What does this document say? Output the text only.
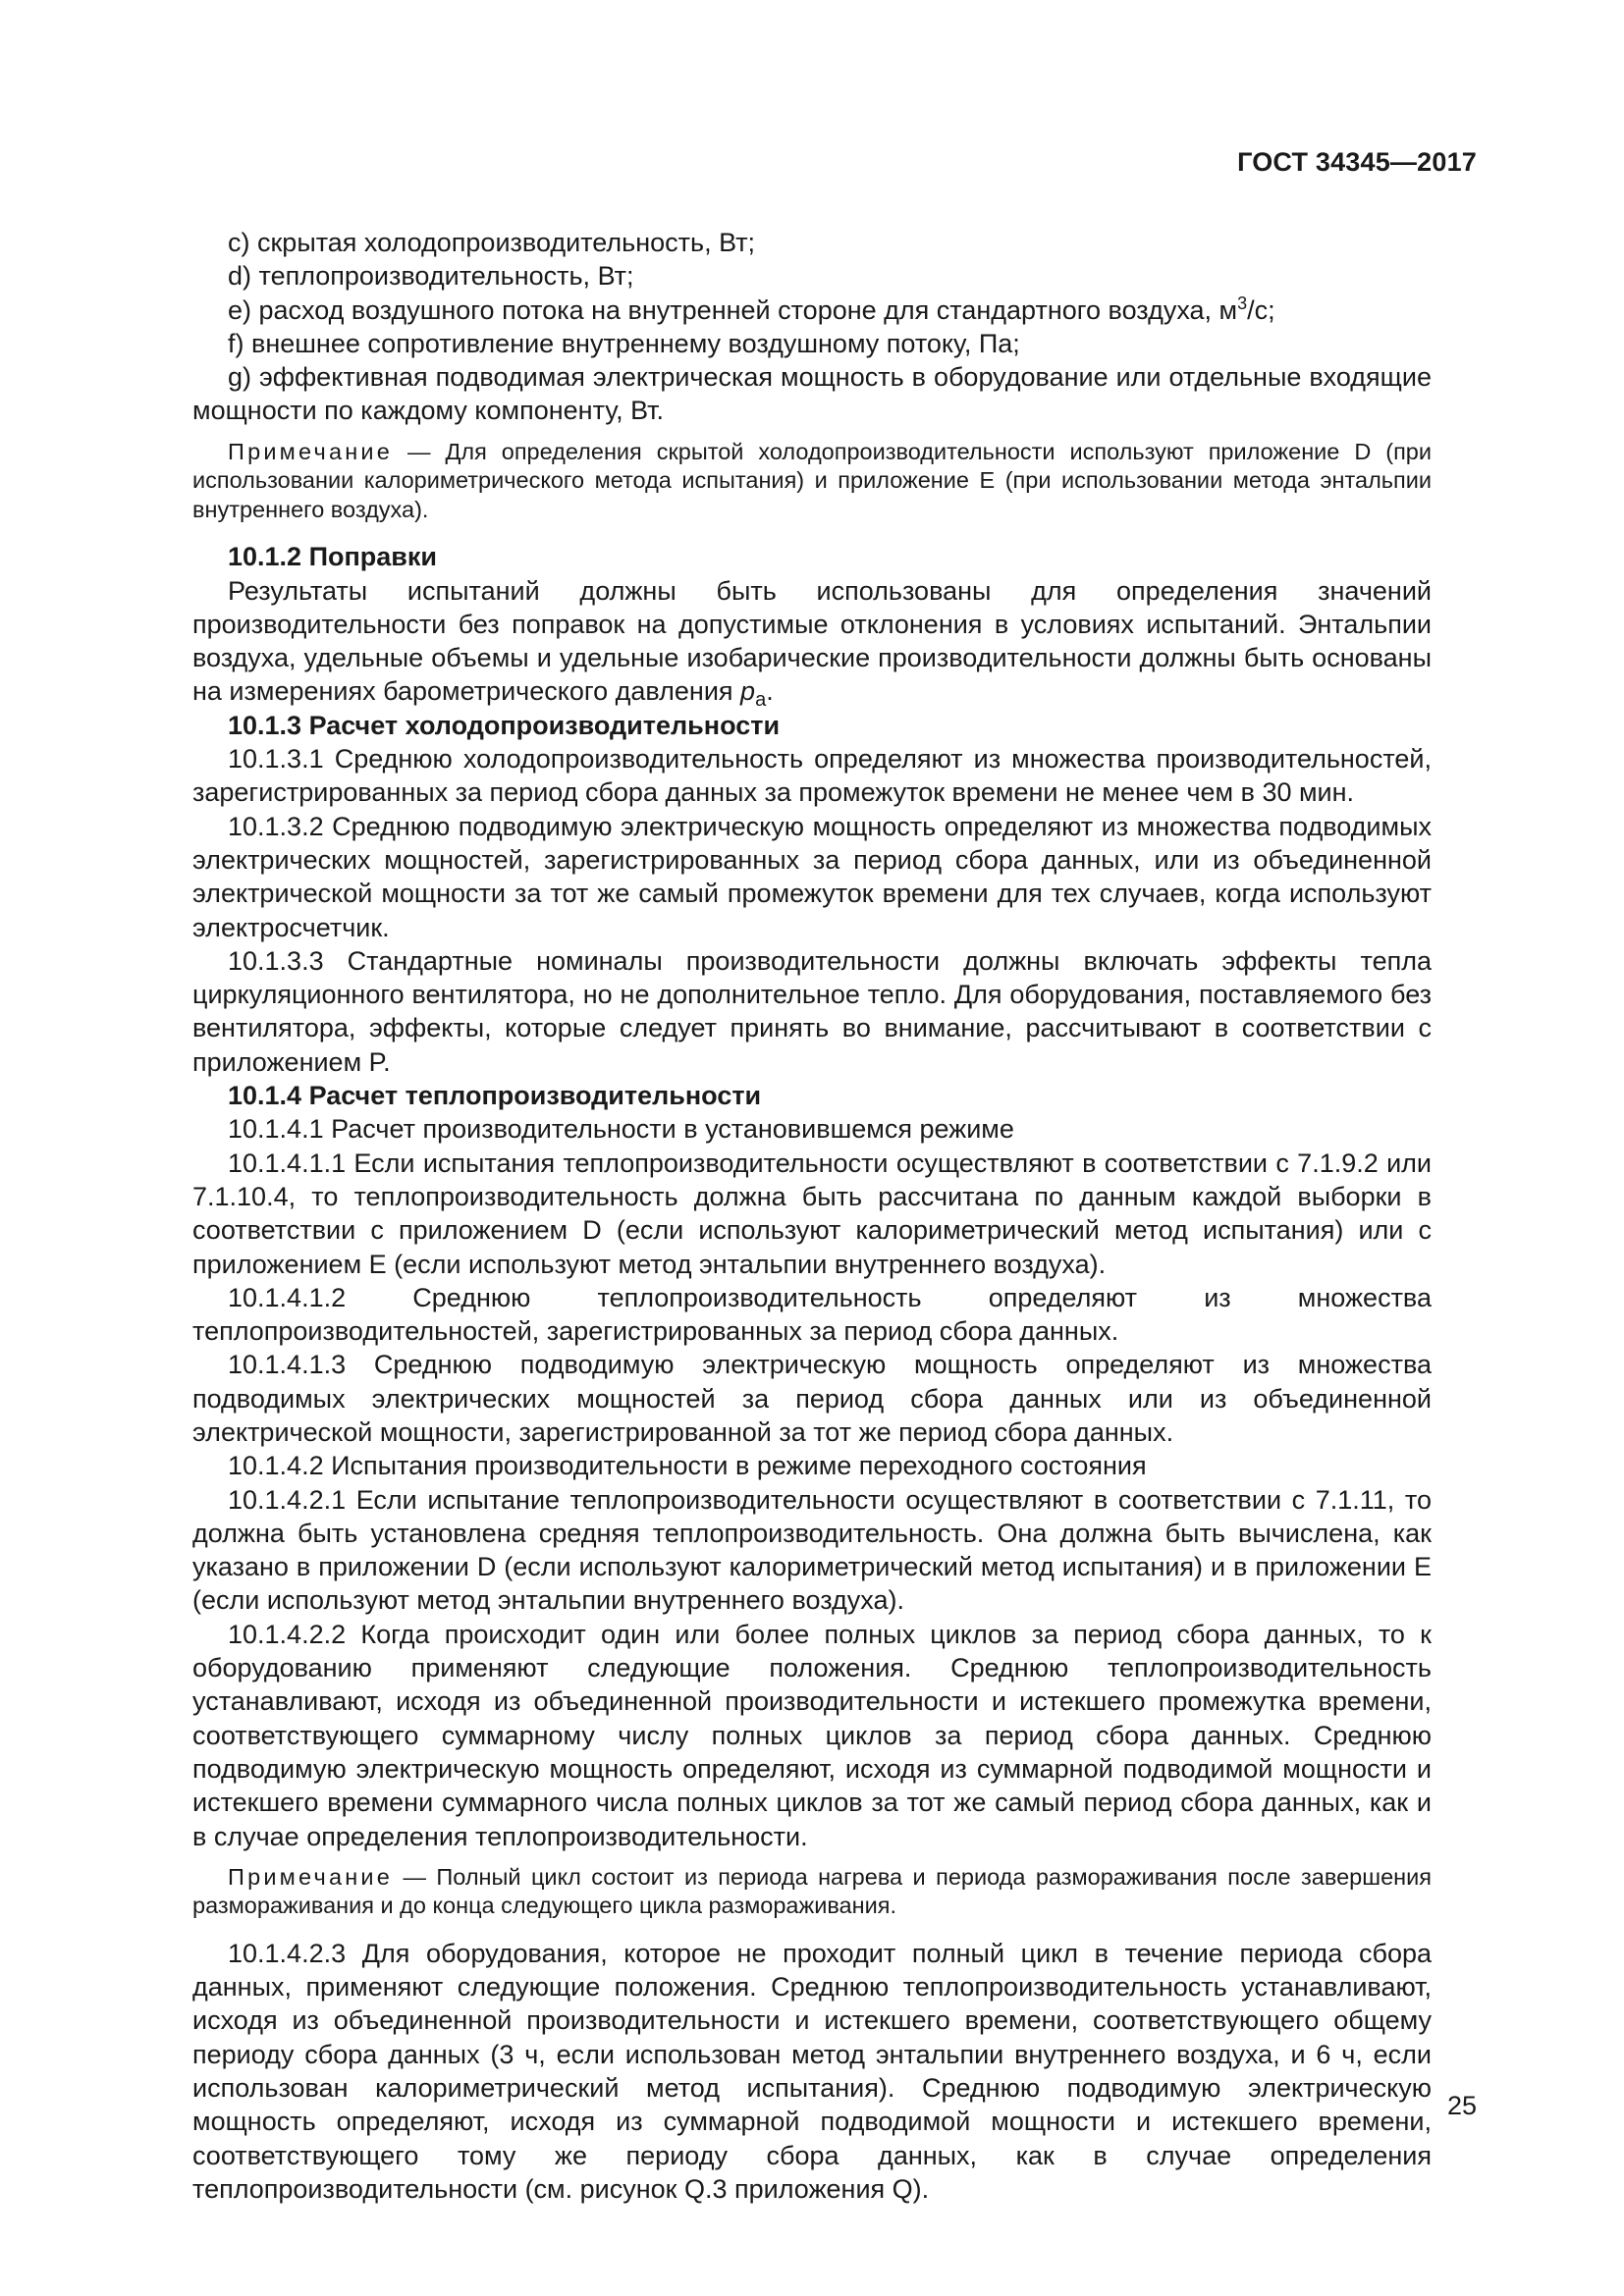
ГОСТ 34345—2017

c) скрытая холодопроизводительность, Вт;

d) теплопроизводительность, Вт;

e) расход воздушного потока на внутренней стороне для стандартного воздуха, $м^3/с$;

f) внешнее сопротивление внутреннему воздушному потоку, Па;

g) эффективная подводимая электрическая мощность в оборудование или отдельные входящие мощности по каждому компоненту, Вт.

Примечание — Для определения скрытой холодопроизводительности используют приложение D (при использовании калориметрического метода испытания) и приложение E (при использовании метода энтальпии внутреннего воздуха).

10.1.2 Поправки

Результаты испытаний должны быть использованы для определения значений производительности без поправок на допустимые отклонения в условиях испытаний. Энтальпии воздуха, удельные объемы и удельные изобарические производительности должны быть основаны на измерениях барометрического давления $p_a$.

10.1.3 Расчет холодопроизводительности

10.1.3.1 Среднюю холодопроизводительность определяют из множества производительностей, зарегистрированных за период сбора данных за промежуток времени не менее чем в 30 мин.

10.1.3.2 Среднюю подводимую электрическую мощность определяют из множества подводимых электрических мощностей, зарегистрированных за период сбора данных, или из объединенной электрической мощности за тот же самый промежуток времени для тех случаев, когда используют электросчетчик.

10.1.3.3 Стандартные номиналы производительности должны включать эффекты тепла циркуляционного вентилятора, но не дополнительное тепло. Для оборудования, поставляемого без вентилятора, эффекты, которые следует принять во внимание, рассчитывают в соответствии с приложением P.

10.1.4 Расчет теплопроизводительности

10.1.4.1 Расчет производительности в установившемся режиме

10.1.4.1.1 Если испытания теплопроизводительности осуществляют в соответствии с 7.1.9.2 или 7.1.10.4, то теплопроизводительность должна быть рассчитана по данным каждой выборки в соответствии с приложением D (если используют калориметрический метод испытания) или с приложением E (если используют метод энтальпии внутреннего воздуха).

10.1.4.1.2 Среднюю теплопроизводительность определяют из множества теплопроизводительностей, зарегистрированных за период сбора данных.

10.1.4.1.3 Среднюю подводимую электрическую мощность определяют из множества подводимых электрических мощностей за период сбора данных или из объединенной электрической мощности, зарегистрированной за тот же период сбора данных.

10.1.4.2 Испытания производительности в режиме переходного состояния

10.1.4.2.1 Если испытание теплопроизводительности осуществляют в соответствии с 7.1.11, то должна быть установлена средняя теплопроизводительность. Она должна быть вычислена, как указано в приложении D (если используют калориметрический метод испытания) и в приложении E (если используют метод энтальпии внутреннего воздуха).

10.1.4.2.2 Когда происходит один или более полных циклов за период сбора данных, то к оборудованию применяют следующие положения. Среднюю теплопроизводительность устанавливают, исходя из объединенной производительности и истекшего промежутка времени, соответствующего суммарному числу полных циклов за период сбора данных. Среднюю подводимую электрическую мощность определяют, исходя из суммарной подводимой мощности и истекшего времени суммарного числа полных циклов за тот же самый период сбора данных, как и в случае определения теплопроизводительности.

Примечание — Полный цикл состоит из периода нагрева и периода размораживания после завершения размораживания и до конца следующего цикла размораживания.

10.1.4.2.3 Для оборудования, которое не проходит полный цикл в течение периода сбора данных, применяют следующие положения. Среднюю теплопроизводительность устанавливают, исходя из объединенной производительности и истекшего времени, соответствующего общему периоду сбора данных (3 ч, если использован метод энтальпии внутреннего воздуха, и 6 ч, если использован калориметрический метод испытания). Среднюю подводимую электрическую мощность определяют, исходя из суммарной подводимой мощности и истекшего времени, соответствующего тому же периоду сбора данных, как в случае определения теплопроизводительности (см. рисунок Q.3 приложения Q).

25
